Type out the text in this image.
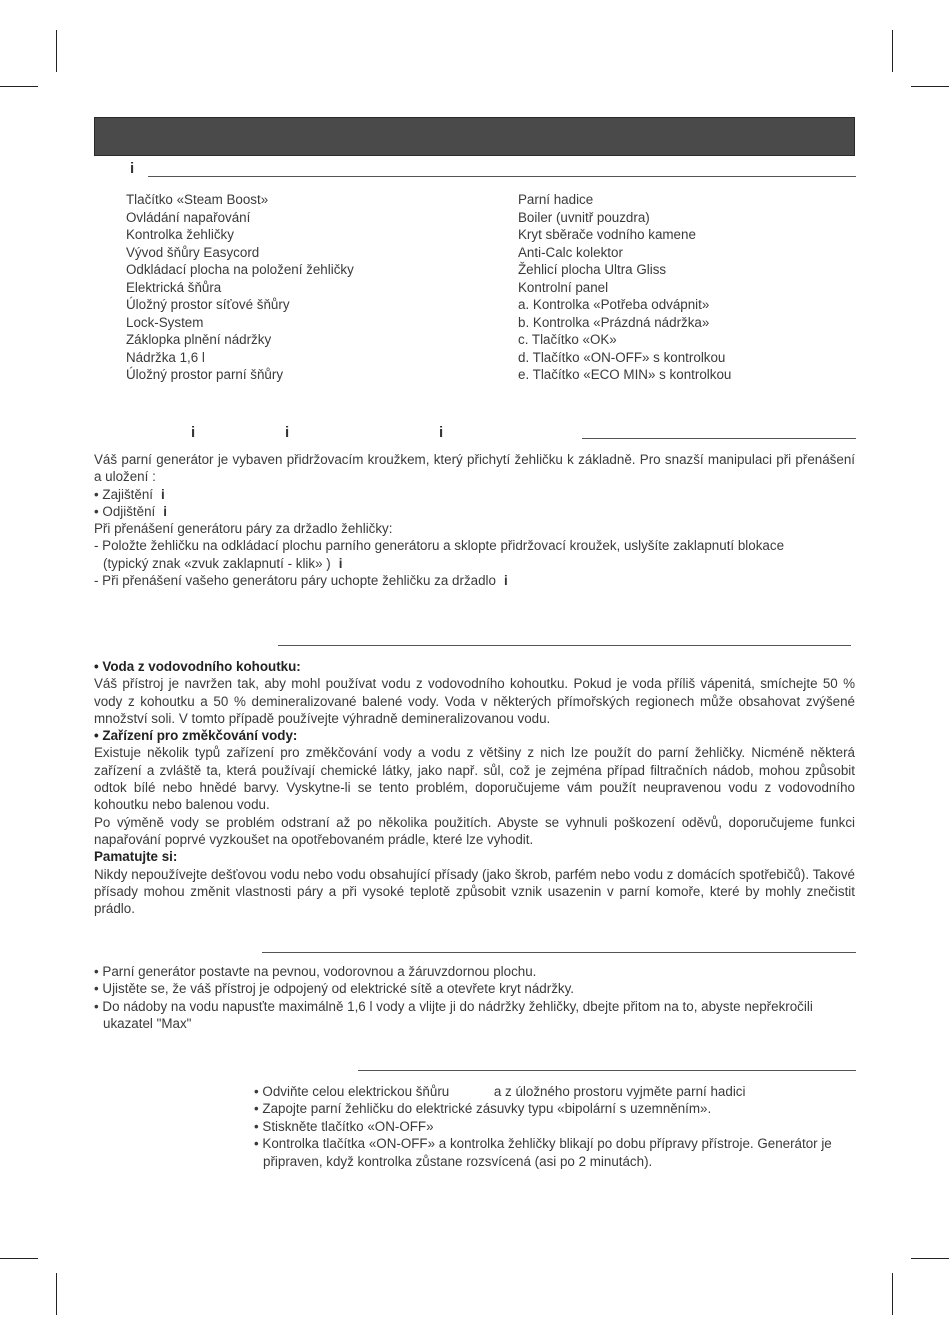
i
Tlačítko «Steam Boost»
Ovládání napařování
Kontrolka žehličky
Vývod šňůry Easycord
Odkládací plocha na položení žehličky
Elektrická šňůra
Úložný prostor síťové šňůry
Lock-System
Záklopka plnění nádržky
Nádržka 1,6 l
Úložný prostor parní šňůry
Parní hadice
Boiler (uvnitř pouzdra)
Kryt sběrače vodního kamene
Anti-Calc kolektor
Žehlicí plocha Ultra Gliss
Kontrolní panel
a. Kontrolka «Potřeba odvápnit»
b. Kontrolka «Prázdná nádržka»
c. Tlačítko «OK»
d. Tlačítko «ON-OFF» s kontrolkou
e. Tlačítko «ECO MIN» s kontrolkou
i	i	i

Váš parní generátor je vybaven přidržovacím kroužkem, který přichytí žehličku k základně. Pro snazší manipulaci při přenášení a uložení :

• Zajištění i

• Odjištění i

Při přenášení generátoru páry za držadlo žehličky:

- Položte žehličku na odkládací plochu parního generátoru a sklopte přidržovací kroužek, uslyšíte zaklapnutí blokace

(typický znak «zvuk zaklapnutí - klik» ) i

- Při přenášení vašeho generátoru páry uchopte žehličku za držadlo i

• Voda z vodovodního kohoutku:

Váš přístroj je navržen tak, aby mohl používat vodu z vodovodního kohoutku. Pokud je voda příliš vápenitá, smíchejte 50 % vody z kohoutku a 50 % demineralizované balené vody. Voda v některých přímořských regionech může obsahovat zvýšené množství soli. V tomto případě používejte výhradně demineralizovanou vodu.

• Zařízení pro změkčování vody:

Existuje několik typů zařízení pro změkčování vody a vodu z většiny z nich lze použít do parní žehličky. Nicméně některá zařízení a zvláště ta, která používají chemické látky, jako např. sůl, což je zejména případ filtračních nádob, mohou způsobit odtok bílé nebo hnědé barvy. Vyskytne-li se tento problém, doporučujeme vám použít neupravenou vodu z vodovodního kohoutku nebo balenou vodu.

Po výměně vody se problém odstraní až po několika použitích. Abyste se vyhnuli poškození oděvů, doporučujeme funkci napařování poprvé vyzkoušet na opotřebovaném prádle, které lze vyhodit.

Pamatujte si:

Nikdy nepoužívejte dešťovou vodu nebo vodu obsahující přísady (jako škrob, parfém nebo vodu z domácích spotřebičů). Takové přísady mohou změnit vlastnosti páry a při vysoké teplotě způsobit vznik usazenin v parní komoře, které by mohly znečistit prádlo.

• Parní generátor postavte na pevnou, vodorovnou a žáruvzdornou plochu.
• Ujistěte se, že váš přístroj je odpojený od elektrické sítě a otevřete kryt nádržky.
• Do nádoby na vodu napusťte maximálně 1,6 l vody a vlijte ji do nádržky žehličky, dbejte přitom na to, abyste nepřekročili ukazatel "Max"
• Odviňte celou elektrickou šňůru            a z úložného prostoru vyjměte parní hadici
• Zapojte parní žehličku do elektrické zásuvky typu «bipolární s uzemněním».
• Stiskněte tlačítko «ON-OFF»
• Kontrolka tlačítka «ON-OFF» a kontrolka žehličky blikají po dobu přípravy přístroje. Generátor je připraven, když kontrolka zůstane rozsvícená (asi po 2 minutách).
